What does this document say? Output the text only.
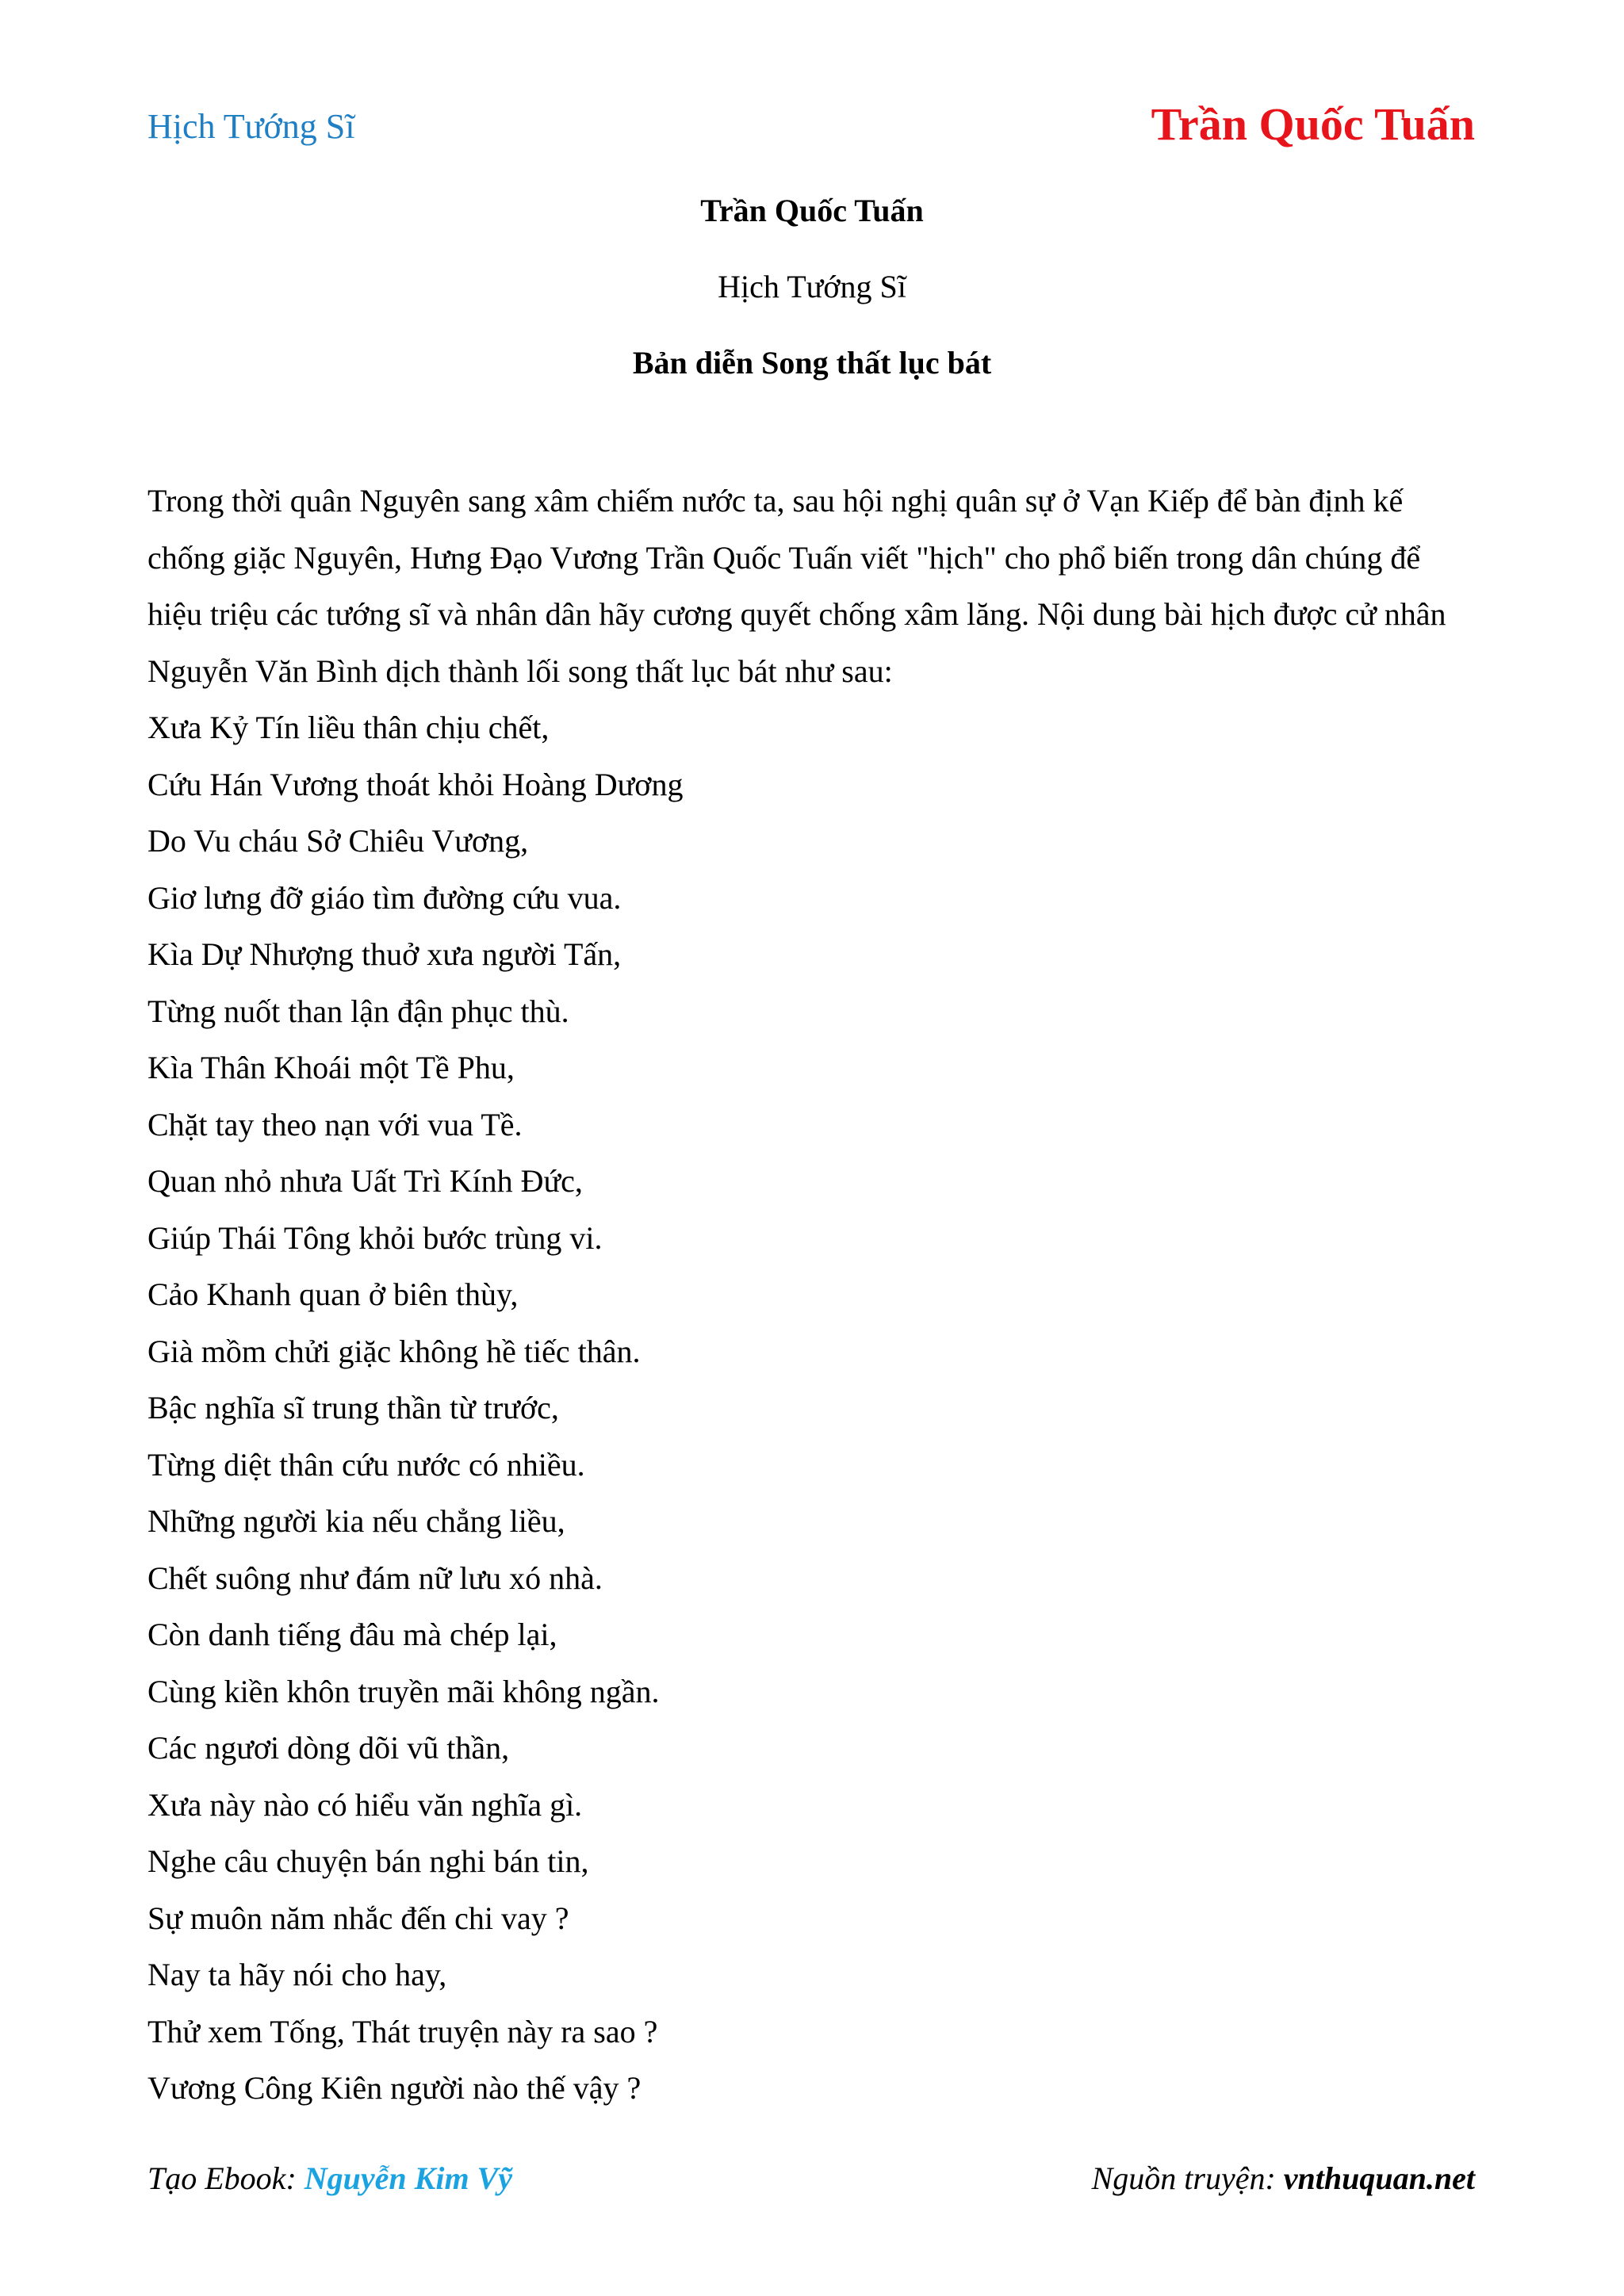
Hịch Tướng Sĩ	Trần Quốc Tuấn
Trần Quốc Tuấn
Hịch Tướng Sĩ
Bản diễn Song thất lục bát

Trong thời quân Nguyên sang xâm chiếm nước ta, sau hội nghị quân sự ở Vạn Kiếp để bàn định kế chống giặc Nguyên, Hưng Đạo Vương Trần Quốc Tuấn viết "hịch" cho phổ biến trong dân chúng để hiệu triệu các tướng sĩ và nhân dân hãy cương quyết chống xâm lăng. Nội dung bài hịch được cử nhân Nguyễn Văn Bình dịch thành lối song thất lục bát như sau:

Xưa Kỷ Tín liều thân chịu chết,
Cứu Hán Vương thoát khỏi Hoàng Dương
Do Vu cháu Sở Chiêu Vương,
Giơ lưng đỡ giáo tìm đường cứu vua.
Kìa Dự Nhượng thuở xưa người Tấn,
Từng nuốt than lận đận phục thù.
Kìa Thân Khoái một Tề Phu,
Chặt tay theo nạn với vua Tề.
Quan nhỏ nhưa Uất Trì Kính Đức,
Giúp Thái Tông khỏi bước trùng vi.
Cảo Khanh quan ở biên thùy,
Già mồm chửi giặc không hề tiếc thân.
Bậc nghĩa sĩ trung thần từ trước,
Từng diệt thân cứu nước có nhiều.
Những người kia nếu chẳng liều,
Chết suông như đám nữ lưu xó nhà.
Còn danh tiếng đâu mà chép lại,
Cùng kiền khôn truyền mãi không ngần.
Các ngươi dòng dõi vũ thần,
Xưa này nào có hiểu văn nghĩa gì.
Nghe câu chuyện bán nghi bán tin,
Sự muôn năm nhắc đến chi vay ?
Nay ta hãy nói cho hay,
Thử xem Tống, Thát truyện này ra sao ?
Vương Công Kiên người nào thế vậy ?
Tạo Ebook: Nguyễn Kim Vỹ	Nguồn truyện: vnthuquan.net
